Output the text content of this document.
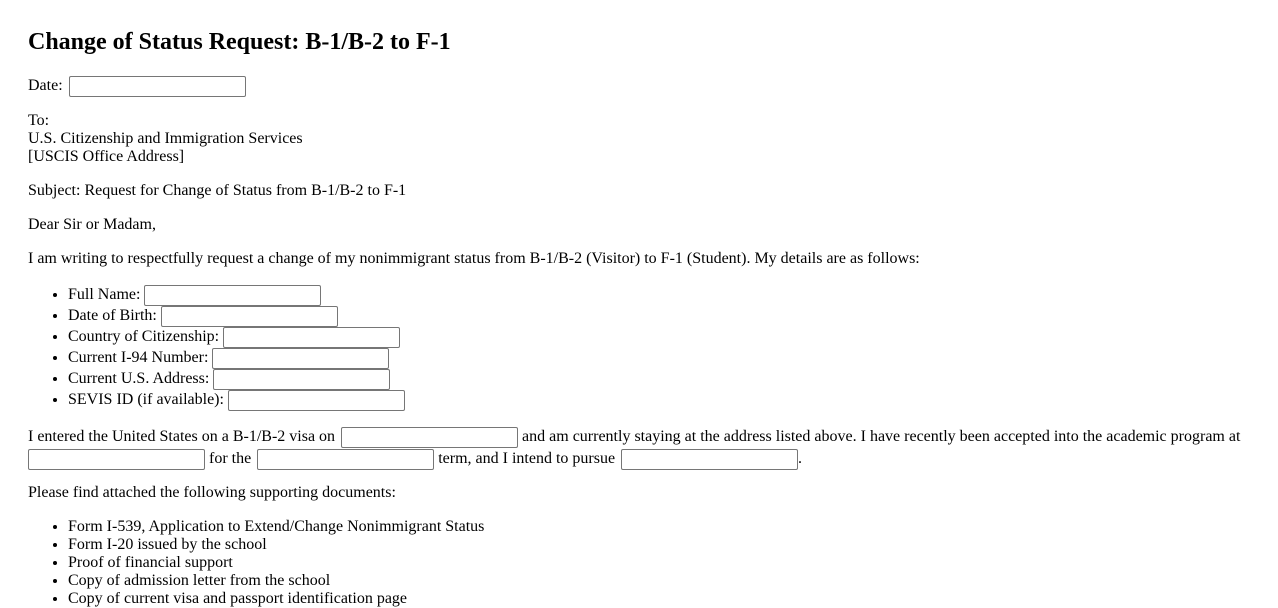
Change of Status Request: B-1/B-2 to F-1

Date:

To:
U.S. Citizenship and Immigration Services
[USCIS Office Address]

Subject: Request for Change of Status from B-1/B-2 to F-1

Dear Sir or Madam,

I am writing to respectfully request a change of my nonimmigrant status from B-1/B-2 (Visitor) to F-1 (Student). My details are as follows:

• Full Name:
• Date of Birth:
• Country of Citizenship:
• Current I-94 Number:
• Current U.S. Address:
• SEVIS ID (if available):

I entered the United States on a B-1/B-2 visa on	and am currently staying at the address listed above. I have recently been accepted into the academic program at  for the	term, and I intend to pursue	.

Please find attached the following supporting documents:

• Form I-539, Application to Extend/Change Nonimmigrant Status
• Form I-20 issued by the school
• Proof of financial support
• Copy of admission letter from the school
• Copy of current visa and passport identification page
